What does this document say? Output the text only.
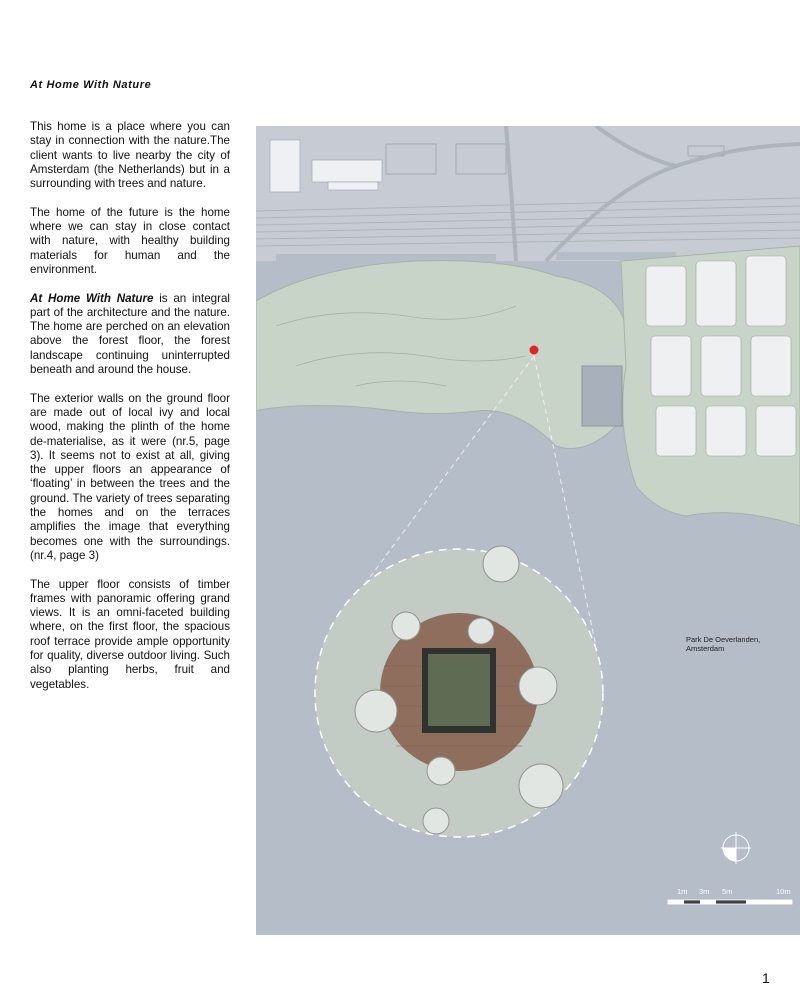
At Home With Nature

This home is a place where you can stay in connection with the nature.The client wants to live nearby the city of Amsterdam (the Netherlands) but in a surrounding with trees and nature.

The home of the future is the home where we can stay in close contact with nature, with healthy building materials for human and the environment.

At Home With Nature is an integral part of the architecture and the nature. The home are perched on an elevation above the forest floor, the forest landscape continuing uninterrupted beneath and around the house.

The exterior walls on the ground floor are made out of local ivy and local wood, making the plinth of the home de-materialise, as it were (nr.5, page 3). It seems not to exist at all, giving the upper floors an appearance of ‘floating’ in between the trees and the ground. The variety of trees separating the homes and on the terraces amplifies the image that everything becomes one with the surroundings.(nr.4, page 3)

The upper floor consists of timber frames with panoramic offering grand views. It is an omni-faceted building where, on the first floor, the spacious roof terrace provide ample opportunity for quality, diverse outdoor living. Such also planting herbs, fruit and vegetables.

Park De Oeverlanden,
Amsterdam
1m 3m 5m	10m
1
